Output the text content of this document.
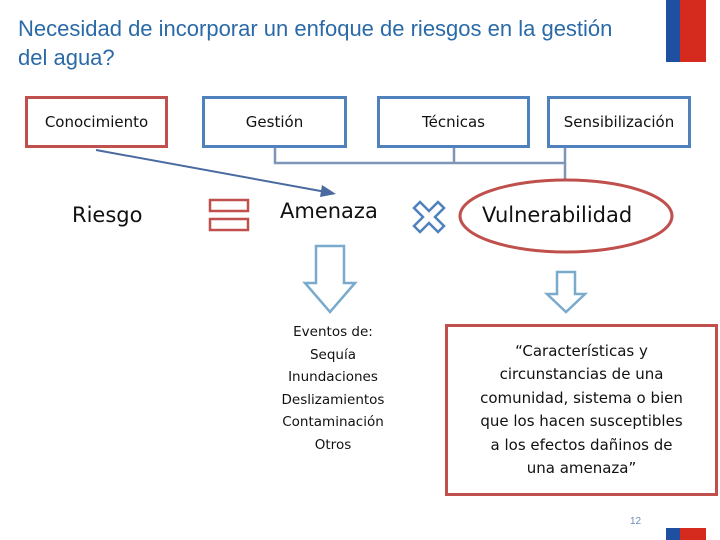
Necesidad de incorporar un enfoque de riesgos en la gestión del agua?
Conocimiento	Gestión	Técnicas	Sensibilización
Riesgo	Amenaza	Vulnerabilidad
Eventos de:
Sequía
Inundaciones
Deslizamientos
Contaminación
Otros
“Características y circunstancias de una comunidad, sistema o bien que los hacen susceptibles a los efectos dañinos de una amenaza”
12
